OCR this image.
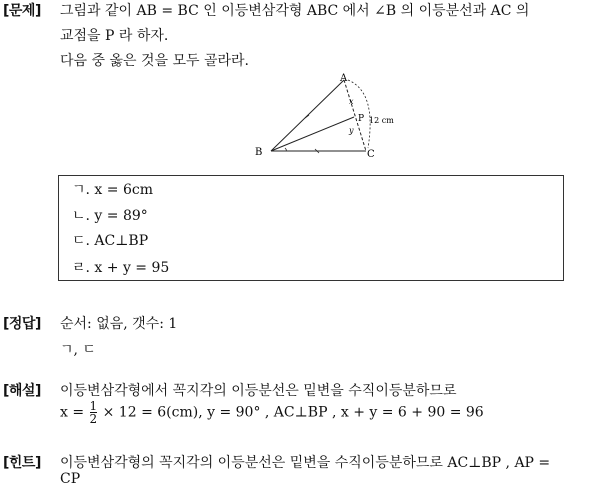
[문제] 그림과 같이 AB = BC 인 이등변삼각형 ABC 에서 ∠B 의 이등분선과 AC 의
교점을 P 라 하자.
다음 중 옳은 것을 모두 골라라.
A
B	C
P 12 cm
x
y
ㄱ. x = 6cm
ㄴ. y = 89°
ㄷ. AC⊥BP
ㄹ. x + y = 95
[정답] 순서: 없음, 갯수: 1
ㄱ, ㄷ
[해설] 이등변삼각형에서 꼭지각의 이등분선은 밑변을 수직이등분하므로
$x = \frac{1}{2} \times 12 = 6(cm)$, y = 90° , AC⊥BP , x + y = 6 + 90 = 96
[힌트] 이등변삼각형의 꼭지각의 이등분선은 밑변을 수직이등분하므로 AC⊥BP , AP =
CP
